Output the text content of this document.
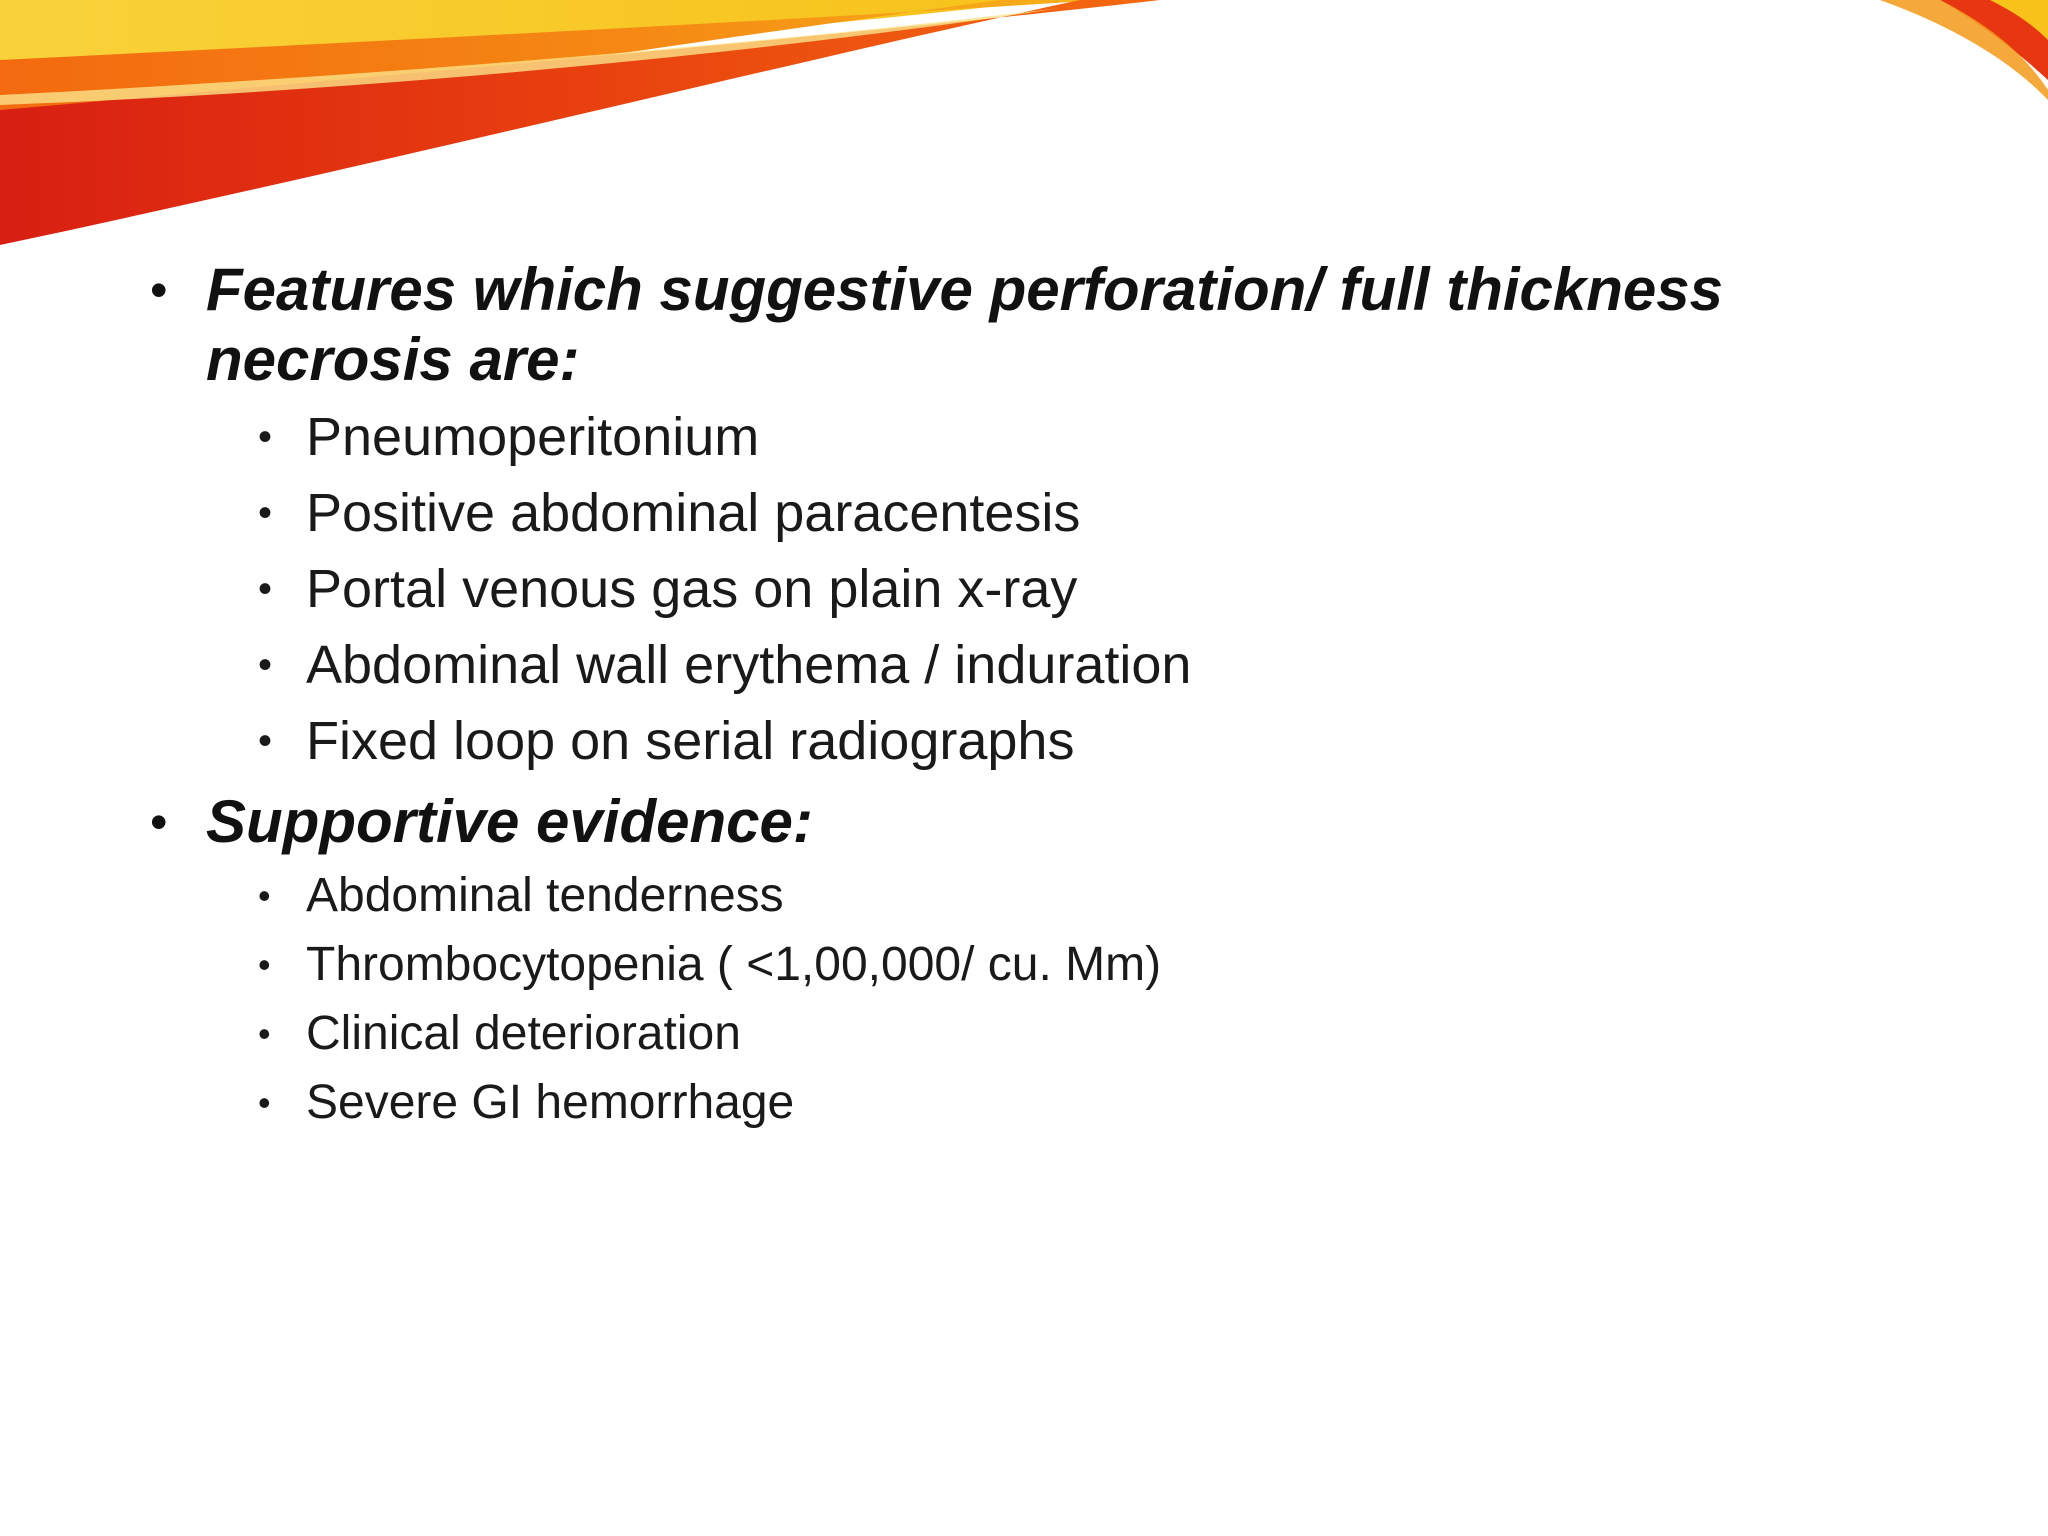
• Features which suggestive perforation/ full thickness necrosis are:
• Pneumoperitonium
• Positive abdominal paracentesis
• Portal venous gas on plain x-ray
• Abdominal wall erythema / induration
• Fixed loop on serial radiographs
• Supportive evidence:
• Abdominal tenderness
• Thrombocytopenia ( <1,00,000/ cu. Mm)
• Clinical deterioration
• Severe GI hemorrhage
